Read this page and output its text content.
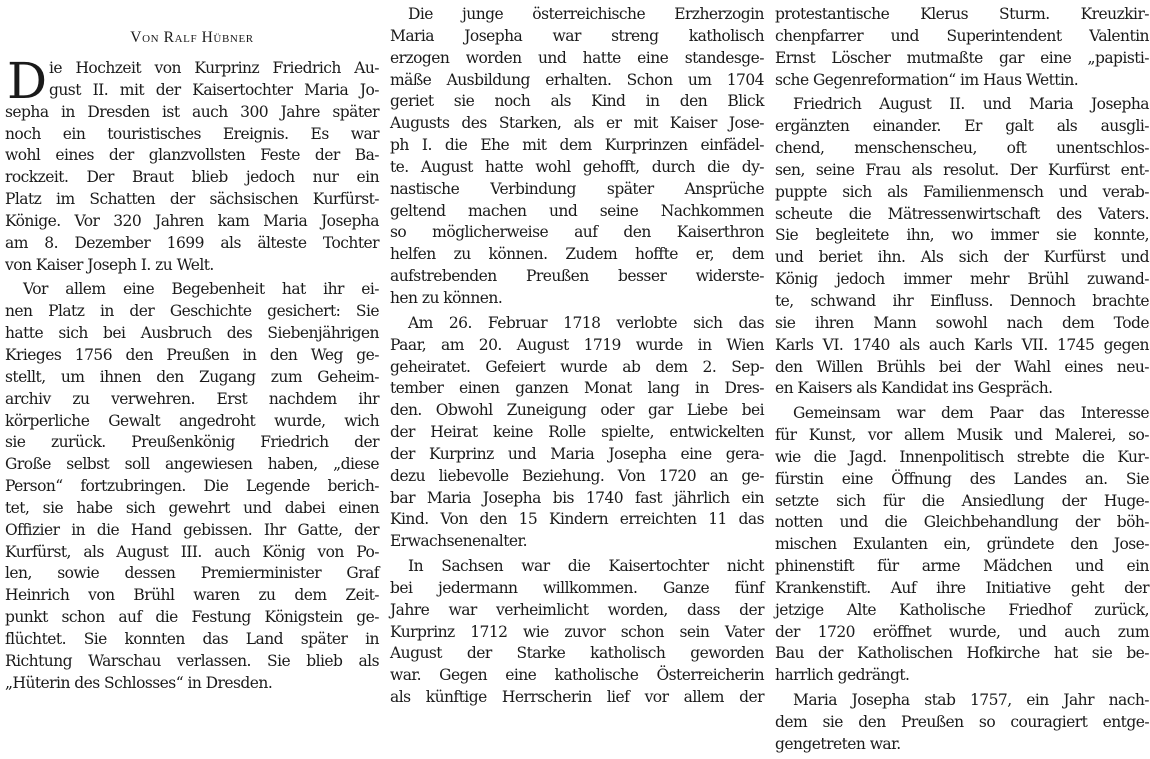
Von Ralf Hübner
D ie Hochzeit von Kurprinz Friedrich Au-
gust II. mit der Kaisertochter Maria Jo-
sepha in Dresden ist auch 300 Jahre später
noch ein touristisches Ereignis. Es war
wohl eines der glanzvollsten Feste der Ba-
rockzeit. Der Braut blieb jedoch nur ein
Platz im Schatten der sächsischen Kurfürst-
Könige. Vor 320 Jahren kam Maria Josepha
am 8. Dezember 1699 als älteste Tochter
von Kaiser Joseph I. zu Welt.
Vor allem eine Begebenheit hat ihr ei-
nen Platz in der Geschichte gesichert: Sie
hatte sich bei Ausbruch des Siebenjährigen
Krieges 1756 den Preußen in den Weg ge-
stellt, um ihnen den Zugang zum Geheim-
archiv zu verwehren. Erst nachdem ihr
körperliche Gewalt angedroht wurde, wich
sie zurück. Preußenkönig Friedrich der
Große selbst soll angewiesen haben, „diese
Person“ fortzubringen. Die Legende berich-
tet, sie habe sich gewehrt und dabei einen
Offizier in die Hand gebissen. Ihr Gatte, der
Kurfürst, als August III. auch König von Po-
len, sowie dessen Premierminister Graf
Heinrich von Brühl waren zu dem Zeit-
punkt schon auf die Festung Königstein ge-
flüchtet. Sie konnten das Land später in
Richtung Warschau verlassen. Sie blieb als
„Hüterin des Schlosses“ in Dresden.
Die junge österreichische Erzherzogin
Maria Josepha war streng katholisch
erzogen worden und hatte eine standesge-
mäße Ausbildung erhalten. Schon um 1704
geriet sie noch als Kind in den Blick
Augusts des Starken, als er mit Kaiser Jose-
ph I. die Ehe mit dem Kurprinzen einfädel-
te. August hatte wohl gehofft, durch die dy-
nastische Verbindung später Ansprüche
geltend machen und seine Nachkommen
so möglicherweise auf den Kaiserthron
helfen zu können. Zudem hoffte er, dem
aufstrebenden Preußen besser widerste-
hen zu können.
Am 26. Februar 1718 verlobte sich das
Paar, am 20. August 1719 wurde in Wien
geheiratet. Gefeiert wurde ab dem 2. Sep-
tember einen ganzen Monat lang in Dres-
den. Obwohl Zuneigung oder gar Liebe bei
der Heirat keine Rolle spielte, entwickelten
der Kurprinz und Maria Josepha eine gera-
dezu liebevolle Beziehung. Von 1720 an ge-
bar Maria Josepha bis 1740 fast jährlich ein
Kind. Von den 15 Kindern erreichten 11 das
Erwachsenenalter.
In Sachsen war die Kaisertochter nicht
bei jedermann willkommen. Ganze fünf
Jahre war verheimlicht worden, dass der
Kurprinz 1712 wie zuvor schon sein Vater
August der Starke katholisch geworden
war. Gegen eine katholische Österreicherin
als künftige Herrscherin lief vor allem der
protestantische Klerus Sturm. Kreuzkir-
chenpfarrer und Superintendent Valentin
Ernst Löscher mutmaßte gar eine „papisti-
sche Gegenreformation“ im Haus Wettin.
Friedrich August II. und Maria Josepha
ergänzten einander. Er galt als ausgli-
chend, menschenscheu, oft unentschlos-
sen, seine Frau als resolut. Der Kurfürst ent-
puppte sich als Familienmensch und verab-
scheute die Mätressenwirtschaft des Vaters.
Sie begleitete ihn, wo immer sie konnte,
und beriet ihn. Als sich der Kurfürst und
König jedoch immer mehr Brühl zuwand-
te, schwand ihr Einfluss. Dennoch brachte
sie ihren Mann sowohl nach dem Tode
Karls VI. 1740 als auch Karls VII. 1745 gegen
den Willen Brühls bei der Wahl eines neu-
en Kaisers als Kandidat ins Gespräch.
Gemeinsam war dem Paar das Interesse
für Kunst, vor allem Musik und Malerei, so-
wie die Jagd. Innenpolitisch strebte die Kur-
fürstin eine Öffnung des Landes an. Sie
setzte sich für die Ansiedlung der Huge-
notten und die Gleichbehandlung der böh-
mischen Exulanten ein, gründete den Jose-
phinenstift für arme Mädchen und ein
Krankenstift. Auf ihre Initiative geht der
jetzige Alte Katholische Friedhof zurück,
der 1720 eröffnet wurde, und auch zum
Bau der Katholischen Hofkirche hat sie be-
harrlich gedrängt.
Maria Josepha stab 1757, ein Jahr nach-
dem sie den Preußen so couragiert entge-
gengetreten war.
